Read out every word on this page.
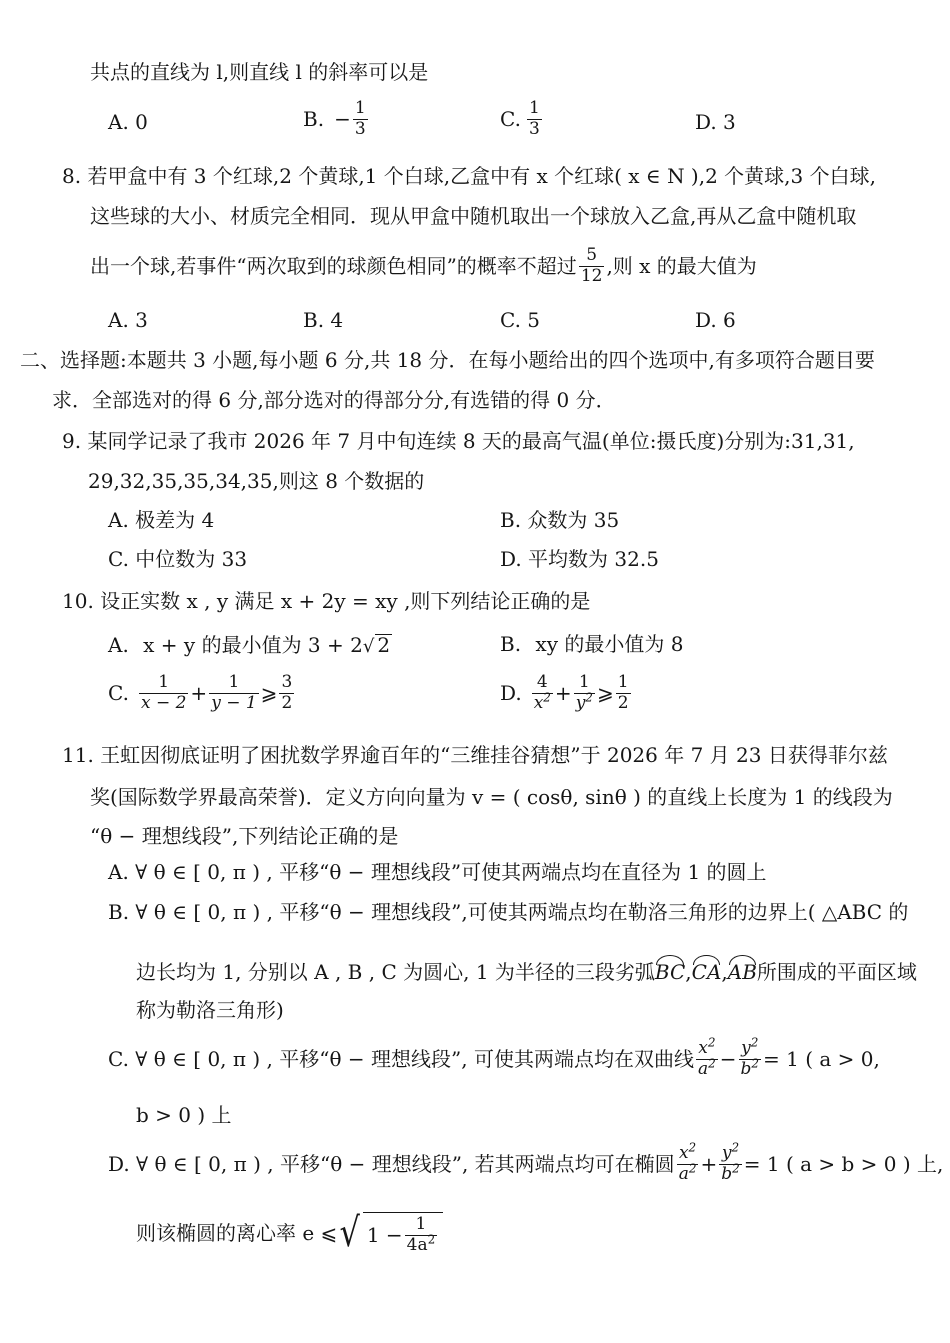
共点的直线为 l,则直线 l 的斜率可以是
A. 0	B. − $\frac{1}{3}$	C. $\frac{1}{3}$	D. 3
8. 若甲盒中有 3 个红球,2 个黄球,1 个白球,乙盒中有 x 个红球( x ∈ N ),2 个黄球,3 个白球,
这些球的大小、材质完全相同．现从甲盒中随机取出一个球放入乙盒,再从乙盒中随机取
出一个球,若事件“两次取到的球颜色相同”的概率不超过 $\frac{5}{12}$ ,则 x 的最大值为
A. 3	B. 4	C. 5	D. 6
二、选择题:本题共 3 小题,每小题 6 分,共 18 分．在每小题给出的四个选项中,有多项符合题目要
求．全部选对的得 6 分,部分选对的得部分分,有选错的得 0 分．
9. 某同学记录了我市 2026 年 7 月中旬连续 8 天的最高气温(单位:摄氏度)分别为:31,31,
29,32,35,35,34,35,则这 8 个数据的
A. 极差为 4	B. 众数为 35
C. 中位数为 33	D. 平均数为 32.5
10. 设正实数 x , y 满足 x + 2y = xy ,则下列结论正确的是
A. x + y 的最小值为 3 + 2√ 2	B. xy 的最小值为 8
C. $\frac{1}{x - 2} + \frac{1}{y - 1}$ ⩾ $\frac{3}{2}$	D. $\frac{4}{x^2} + \frac{1}{y^2}$ ⩾ $\frac{1}{2}$
11. 王虹因彻底证明了困扰数学界逾百年的“三维挂谷猜想”于 2026 年 7 月 23 日获得菲尔兹
奖(国际数学界最高荣誉)．定义方向向量为 v = ( cosθ, sinθ ) 的直线上长度为 1 的线段为
“θ − 理想线段”,下列结论正确的是
A. ∀ θ ∈ [ 0, π ) , 平移“θ − 理想线段”可使其两端点均在直径为 1 的圆上
B. ∀ θ ∈ [ 0, π ) , 平移“θ − 理想线段”,可使其两端点均在勒洛三角形的边界上( △ABC 的
边长均为 1, 分别以 A , B , C 为圆心, 1 为半径的三段劣弧BC,CA,AB所围成的平面区域
称为勒洛三角形)
C. ∀ θ ∈ [ 0, π ) , 平移“θ − 理想线段”, 可使其两端点均在双曲线 $\frac{x^2}{a^2} - \frac{y^2}{b^2} = 1$ ( a > 0,
b > 0 ) 上
D. ∀ θ ∈ [ 0, π ) , 平移“θ − 理想线段”, 若其两端点均可在椭圆 $\frac{x^2}{a^2} + \frac{y^2}{b^2} = 1$ ( a > b > 0 ) 上,
则该椭圆的离心率 e ⩽ √ $1 - \frac{1}{4a^2}$
